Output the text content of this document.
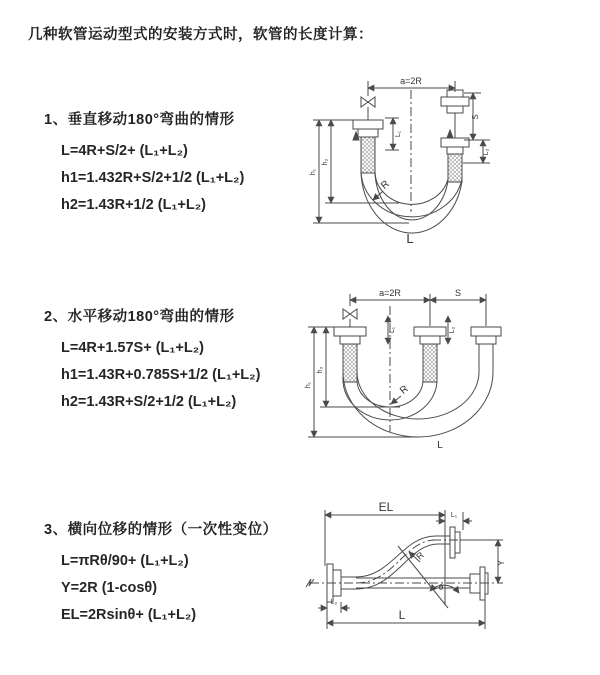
几种软管运动型式的安装方式时，软管的长度计算：
1、垂直移动180°弯曲的情形
L=4R+S/2+ (L₁+L₂)
h1=1.432R+S/2+1/2 (L₁+L₂)
h2=1.43R+1/2 (L₁+L₂)
2、水平移动180°弯曲的情形
L=4R+1.57S+ (L₁+L₂)
h1=1.43R+0.785S+1/2 (L₁+L₂)
h2=1.43R+S/2+1/2 (L₁+L₂)
3、横向位移的情形（一次性变位）
L=πRθ/90+ (L₁+L₂)
Y=2R (1-cosθ)
EL=2Rsinθ+ (L₁+L₂)
a=2R
L₁
S
L₂
h₁
h₂
R
L
a=2R	S
L₁	L₂
h₁
h₂
R
L
EL
L₁
Y
R
θ
L
L₂
